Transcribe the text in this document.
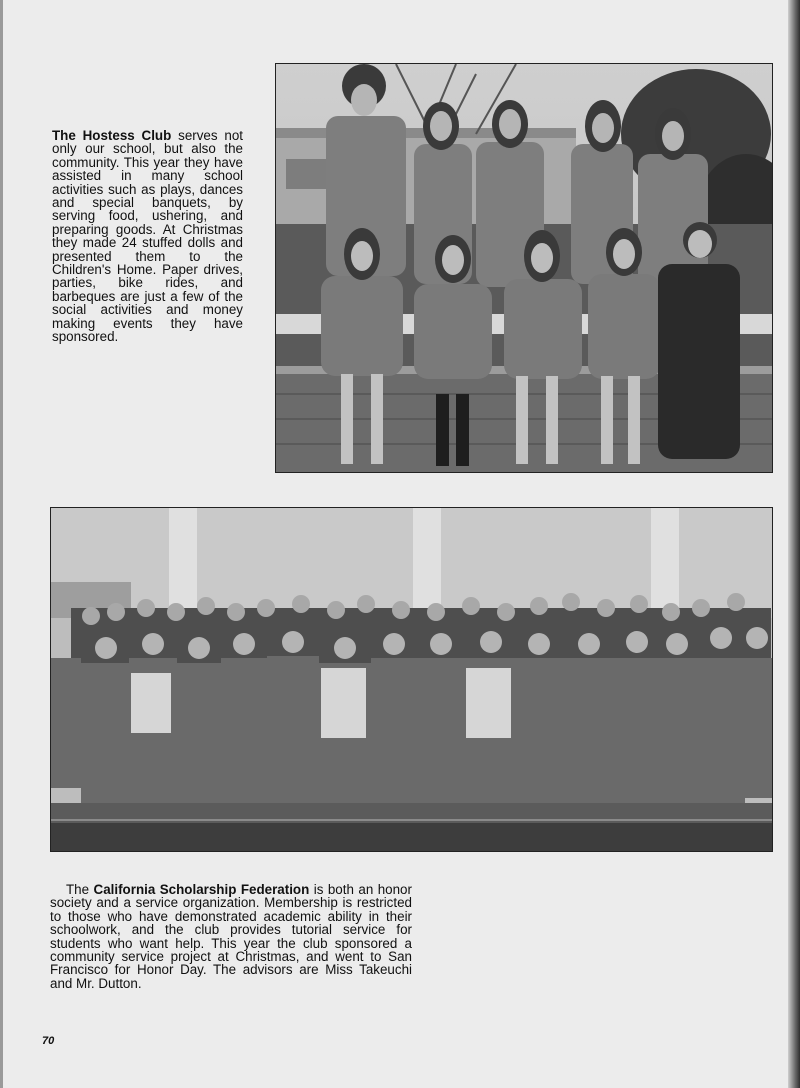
The Hostess Club serves not only our school, but also the community. This year they have assisted in many school activities such as plays, dances and special banquets, by serving food, ushering, and preparing goods. At Christmas they made 24 stuffed dolls and presented them to the Children's Home. Paper drives, parties, bike rides, and barbeques are just a few of the social activities and money making events they have sponsored.
The California Scholarship Federation is both an honor society and a service organization. Membership is restricted to those who have demonstrated academic ability in their schoolwork, and the club provides tutorial service for students who want help. This year the club sponsored a community service project at Christmas, and went to San Francisco for Honor Day. The advisors are Miss Takeuchi and Mr. Dutton.
70
